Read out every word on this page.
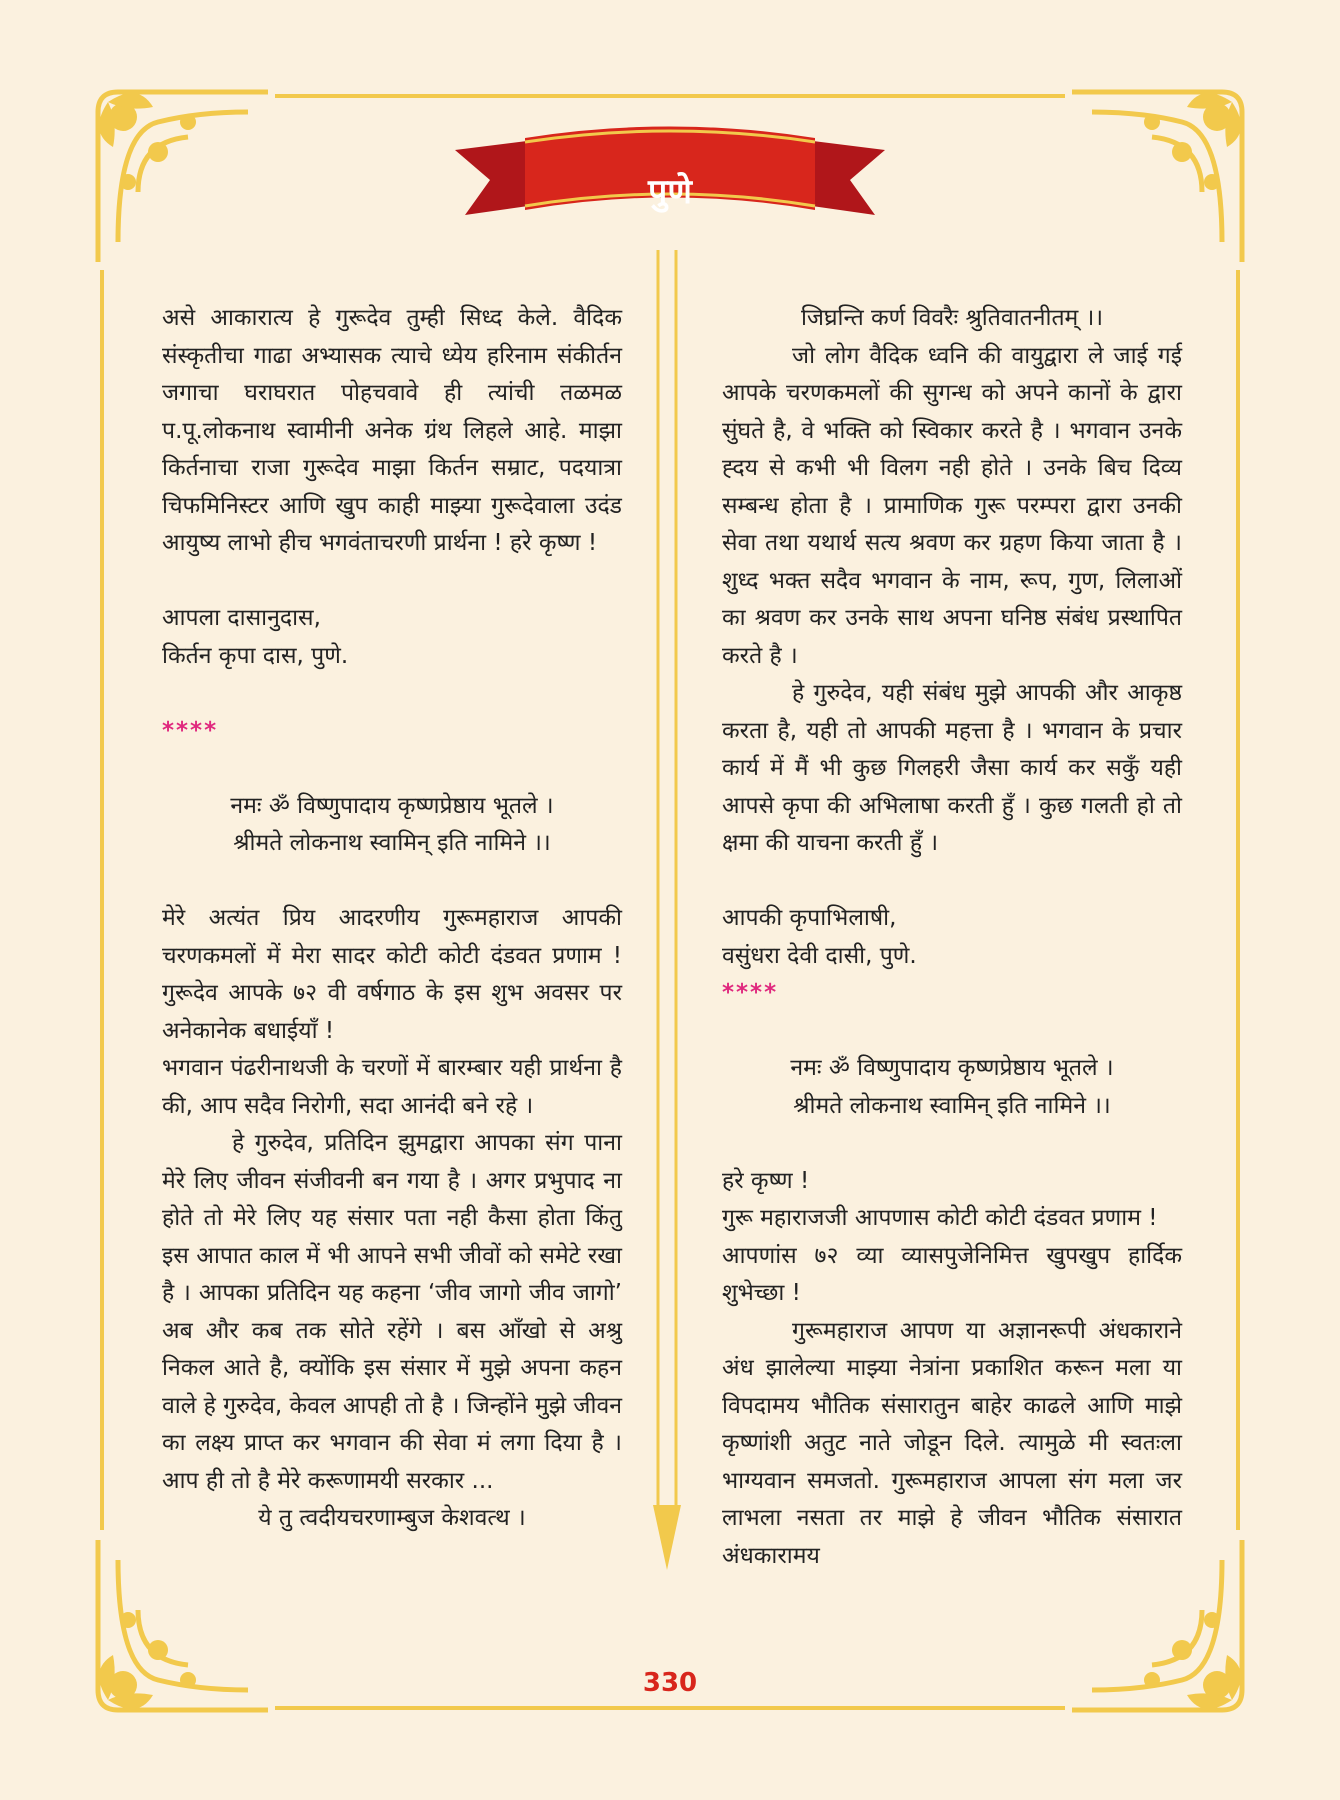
पुणे

असे आकारात्य हे गुरूदेव तुम्ही सिध्द केले. वैदिक संस्कृतीचा गाढा अभ्यासक त्याचे ध्येय हरिनाम संकीर्तन जगाचा घराघरात पोहचवावे ही त्यांची तळमळ प.पू.लोकनाथ स्वामीनी अनेक ग्रंथ लिहले आहे. माझा किर्तनाचा राजा गुरूदेव माझा किर्तन सम्राट, पदयात्रा चिफमिनिस्टर आणि खुप काही माझ्या गुरूदेवाला उदंड आयुष्य लाभो हीच भगवंताचरणी प्रार्थना ! हरे कृष्ण !

आपला दासानुदास,

किर्तन कृपा दास, पुणे.

****

नमः ॐ विष्णुपादाय कृष्णप्रेष्ठाय भूतले ।

श्रीमते लोकनाथ स्वामिन् इति नामिने ।।

मेरे अत्यंत प्रिय आदरणीय गुरूमहाराज आपकी चरणकमलों में मेरा सादर कोटी कोटी दंडवत प्रणाम ! गुरूदेव आपके ७२ वी वर्षगाठ के इस शुभ अवसर पर अनेकानेक बधाईयाँ !

भगवान पंढरीनाथजी के चरणों में बारम्बार यही प्रार्थना है की, आप सदैव निरोगी, सदा आनंदी बने रहे ।

हे गुरुदेव, प्रतिदिन झुमद्वारा आपका संग पाना मेरे लिए जीवन संजीवनी बन गया है । अगर प्रभुपाद ना होते तो मेरे लिए यह संसार पता नही कैसा होता किंतु इस आपात काल में भी आपने सभी जीवों को समेटे रखा है । आपका प्रतिदिन यह कहना ‘जीव जागो जीव जागो’ अब और कब तक सोते रहेंगे । बस आँखो से अश्रु निकल आते है, क्योंकि इस संसार में मुझे अपना कहन वाले हे गुरुदेव, केवल आपही तो है । जिन्होंने मुझे जीवन का लक्ष्य प्राप्त कर भगवान की सेवा मं लगा दिया है । आप ही तो है मेरे करूणामयी सरकार ...

ये तु त्वदीयचरणाम्बुज केशवत्थ ।

जिघ्रन्ति कर्ण विवरैः श्रुतिवातनीतम् ।।

जो लोग वैदिक ध्वनि की वायुद्वारा ले जाई गई आपके चरणकमलों की सुगन्ध को अपने कानों के द्वारा सुंघते है, वे भक्ति को स्विकार करते है । भगवान उनके ह्दय से कभी भी विलग नही होते । उनके बिच दिव्य सम्बन्ध होता है । प्रामाणिक गुरू परम्परा द्वारा उनकी सेवा तथा यथार्थ सत्य श्रवण कर ग्रहण किया जाता है । शुध्द भक्त सदैव भगवान के नाम, रूप, गुण, लिलाओं का श्रवण कर उनके साथ अपना घनिष्ठ संबंध प्रस्थापित करते है ।

हे गुरुदेव, यही संबंध मुझे आपकी और आकृष्ठ करता है, यही तो आपकी महत्ता है । भगवान के प्रचार कार्य में मैं भी कुछ गिलहरी जैसा कार्य कर सकुँ यही आपसे कृपा की अभिलाषा करती हुँ । कुछ गलती हो तो क्षमा की याचना करती हुँ ।

आपकी कृपाभिलाषी,

वसुंधरा देवी दासी, पुणे.

****

नमः ॐ विष्णुपादाय कृष्णप्रेष्ठाय भूतले ।

श्रीमते लोकनाथ स्वामिन् इति नामिने ।।

हरे कृष्ण !

गुरू महाराजजी आपणास कोटी कोटी दंडवत प्रणाम !

आपणांस ७२ व्या व्यासपुजेनिमित्त खुपखुप हार्दिक शुभेच्छा !

गुरूमहाराज आपण या अज्ञानरूपी अंधकाराने अंध झालेल्या माझ्या नेत्रांना प्रकाशित करून मला या विपदामय भौतिक संसारातुन बाहेर काढले आणि माझे कृष्णांशी अतुट नाते जोडून दिले. त्यामुळे मी स्वतःला भाग्यवान समजतो. गुरूमहाराज आपला संग मला जर लाभला नसता तर माझे हे जीवन भौतिक संसारात अंधकारामय

330
